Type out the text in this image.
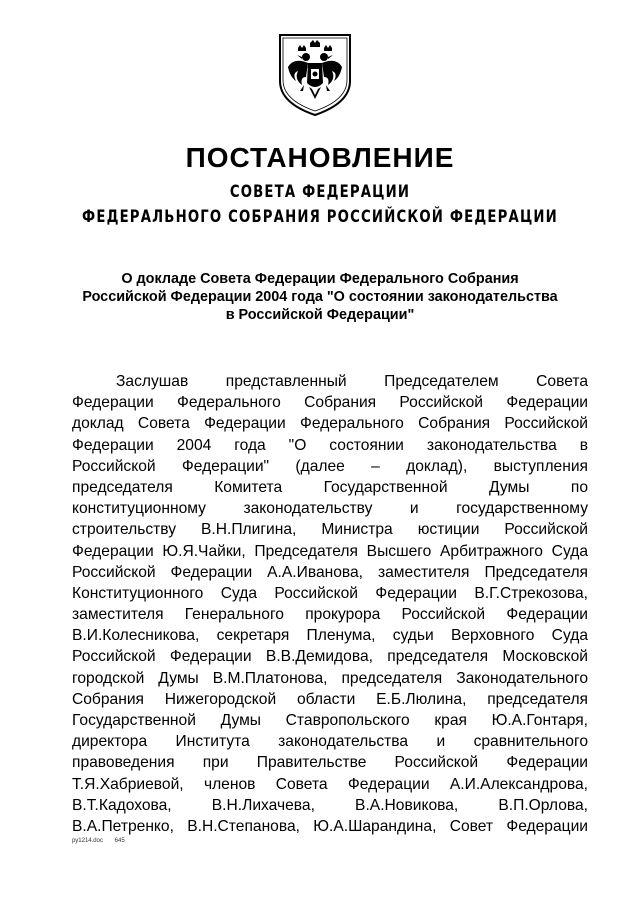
ПОСТАНОВЛЕНИЕ
СОВЕТА ФЕДЕРАЦИИ
ФЕДЕРАЛЬНОГО СОБРАНИЯ РОССИЙСКОЙ ФЕДЕРАЦИИ
О докладе Совета Федерации Федерального Собрания
Российской Федерации 2004 года "О состоянии законодательства
в Российской Федерации"
Заслушав представленный Председателем Совета
Федерации Федерального Собрания Российской Федерации
доклад Совета Федерации Федерального Собрания Российской
Федерации 2004 года "О состоянии законодательства в
Российской Федерации" (далее – доклад), выступления
председателя Комитета Государственной Думы по
конституционному законодательству и государственному
строительству В.Н.Плигина, Министра юстиции Российской
Федерации Ю.Я.Чайки, Председателя Высшего Арбитражного Суда
Российской Федерации А.А.Иванова, заместителя Председателя
Конституционного Суда Российской Федерации В.Г.Стрекозова,
заместителя Генерального прокурора Российской Федерации
В.И.Колесникова, секретаря Пленума, судьи Верховного Суда
Российской Федерации В.В.Демидова, председателя Московской
городской Думы В.М.Платонова, председателя Законодательного
Собрания Нижегородской области Е.Б.Люлина, председателя
Государственной Думы Ставропольского края Ю.А.Гонтаря,
директора Института законодательства и сравнительного
правоведения при Правительстве Российской Федерации
Т.Я.Хабриевой, членов Совета Федерации А.И.Александрова,
В.Т.Кадохова, В.Н.Лихачева, В.А.Новикова, В.П.Орлова,
В.А.Петренко, В.Н.Степанова, Ю.А.Шарандина, Совет Федерации
ру1214.doc 645
